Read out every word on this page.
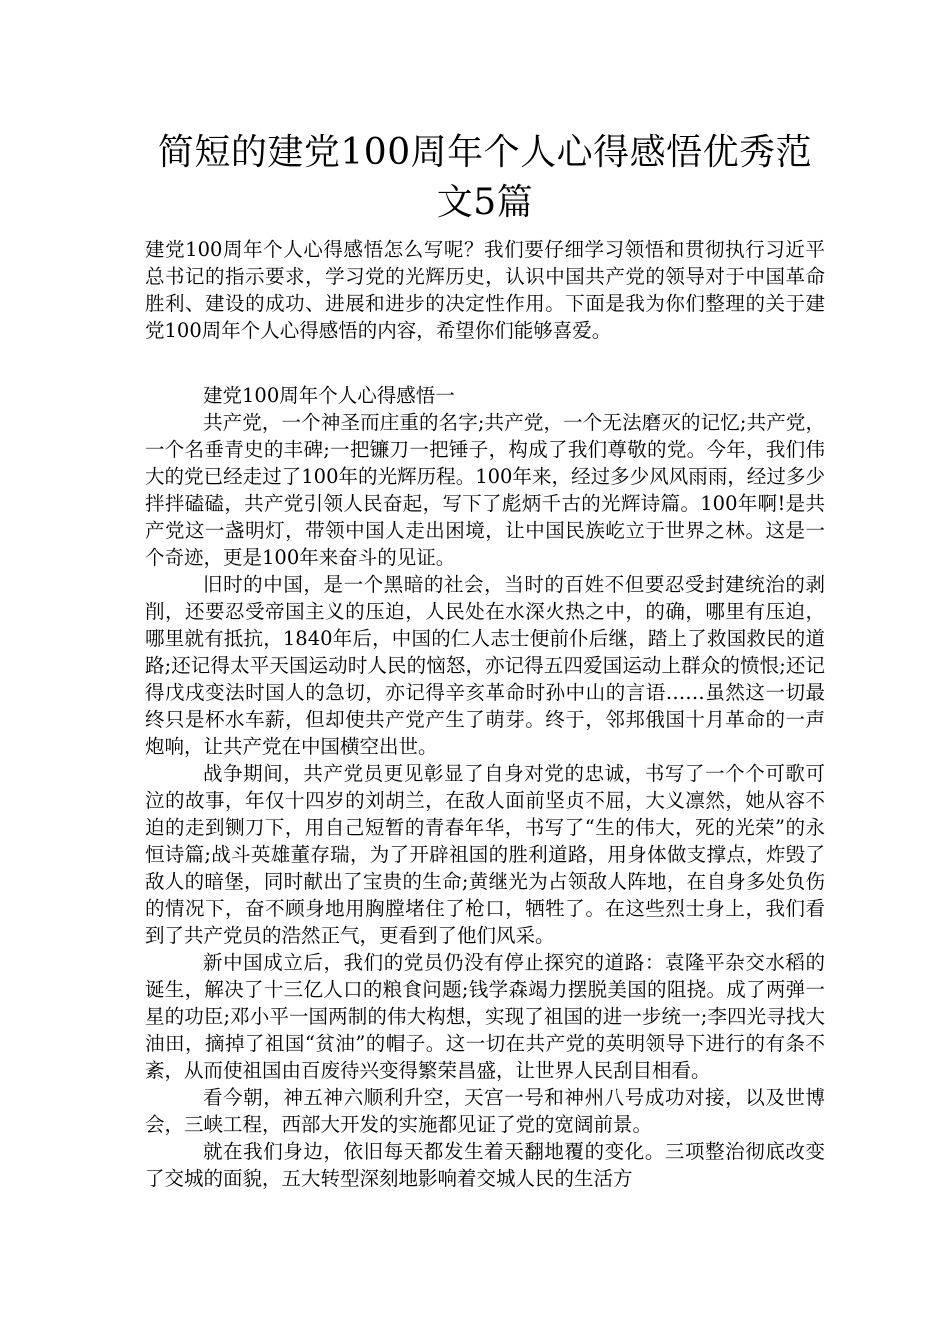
简短的建党100周年个人心得感悟优秀范
文5篇

建党100周年个人心得感悟怎么写呢？我们要仔细学习领悟和贯彻执行习近平总书记的指示要求，学习党的光辉历史，认识中国共产党的领导对于中国革命胜利、建设的成功、进展和进步的决定性作用。下面是我为你们整理的关于建党100周年个人心得感悟的内容，希望你们能够喜爱。

建党100周年个人心得感悟一

共产党，一个神圣而庄重的名字;共产党，一个无法磨灭的记忆;共产党，一个名垂青史的丰碑;一把镰刀一把锤子，构成了我们尊敬的党。今年，我们伟大的党已经走过了100年的光辉历程。100年来，经过多少风风雨雨，经过多少拌拌磕磕，共产党引领人民奋起，写下了彪炳千古的光辉诗篇。100年啊!是共产党这一盏明灯，带领中国人走出困境，让中国民族屹立于世界之林。这是一个奇迹，更是100年来奋斗的见证。

旧时的中国，是一个黑暗的社会，当时的百姓不但要忍受封建统治的剥削，还要忍受帝国主义的压迫，人民处在水深火热之中，的确，哪里有压迫，哪里就有抵抗，1840年后，中国的仁人志士便前仆后继，踏上了救国救民的道路;还记得太平天国运动时人民的恼怒，亦记得五四爱国运动上群众的愤恨;还记得戊戌变法时国人的急切，亦记得辛亥革命时孙中山的言语……虽然这一切最终只是杯水车薪，但却使共产党产生了萌芽。终于，邻邦俄国十月革命的一声炮响，让共产党在中国横空出世。

战争期间，共产党员更见彰显了自身对党的忠诚，书写了一个个可歌可泣的故事，年仅十四岁的刘胡兰，在敌人面前坚贞不屈，大义凛然，她从容不迫的走到铡刀下，用自己短暂的青春年华，书写了“生的伟大，死的光荣”的永恒诗篇;战斗英雄董存瑞，为了开辟祖国的胜利道路，用身体做支撑点，炸毁了敌人的暗堡，同时献出了宝贵的生命;黄继光为占领敌人阵地，在自身多处负伤的情况下，奋不顾身地用胸膛堵住了枪口，牺牲了。在这些烈士身上，我们看到了共产党员的浩然正气，更看到了他们风采。

新中国成立后，我们的党员仍没有停止探究的道路：袁隆平杂交水稻的诞生，解决了十三亿人口的粮食问题;钱学森竭力摆脱美国的阻挠。成了两弹一星的功臣;邓小平一国两制的伟大构想，实现了祖国的进一步统一;李四光寻找大油田，摘掉了祖国“贫油”的帽子。这一切在共产党的英明领导下进行的有条不紊，从而使祖国由百废待兴变得繁荣昌盛，让世界人民刮目相看。

看今朝，神五神六顺利升空，天宫一号和神州八号成功对接，以及世博会，三峡工程，西部大开发的实施都见证了党的宽阔前景。

就在我们身边，依旧每天都发生着天翻地覆的变化。三项整治彻底改变了交城的面貌，五大转型深刻地影响着交城人民的生活方
